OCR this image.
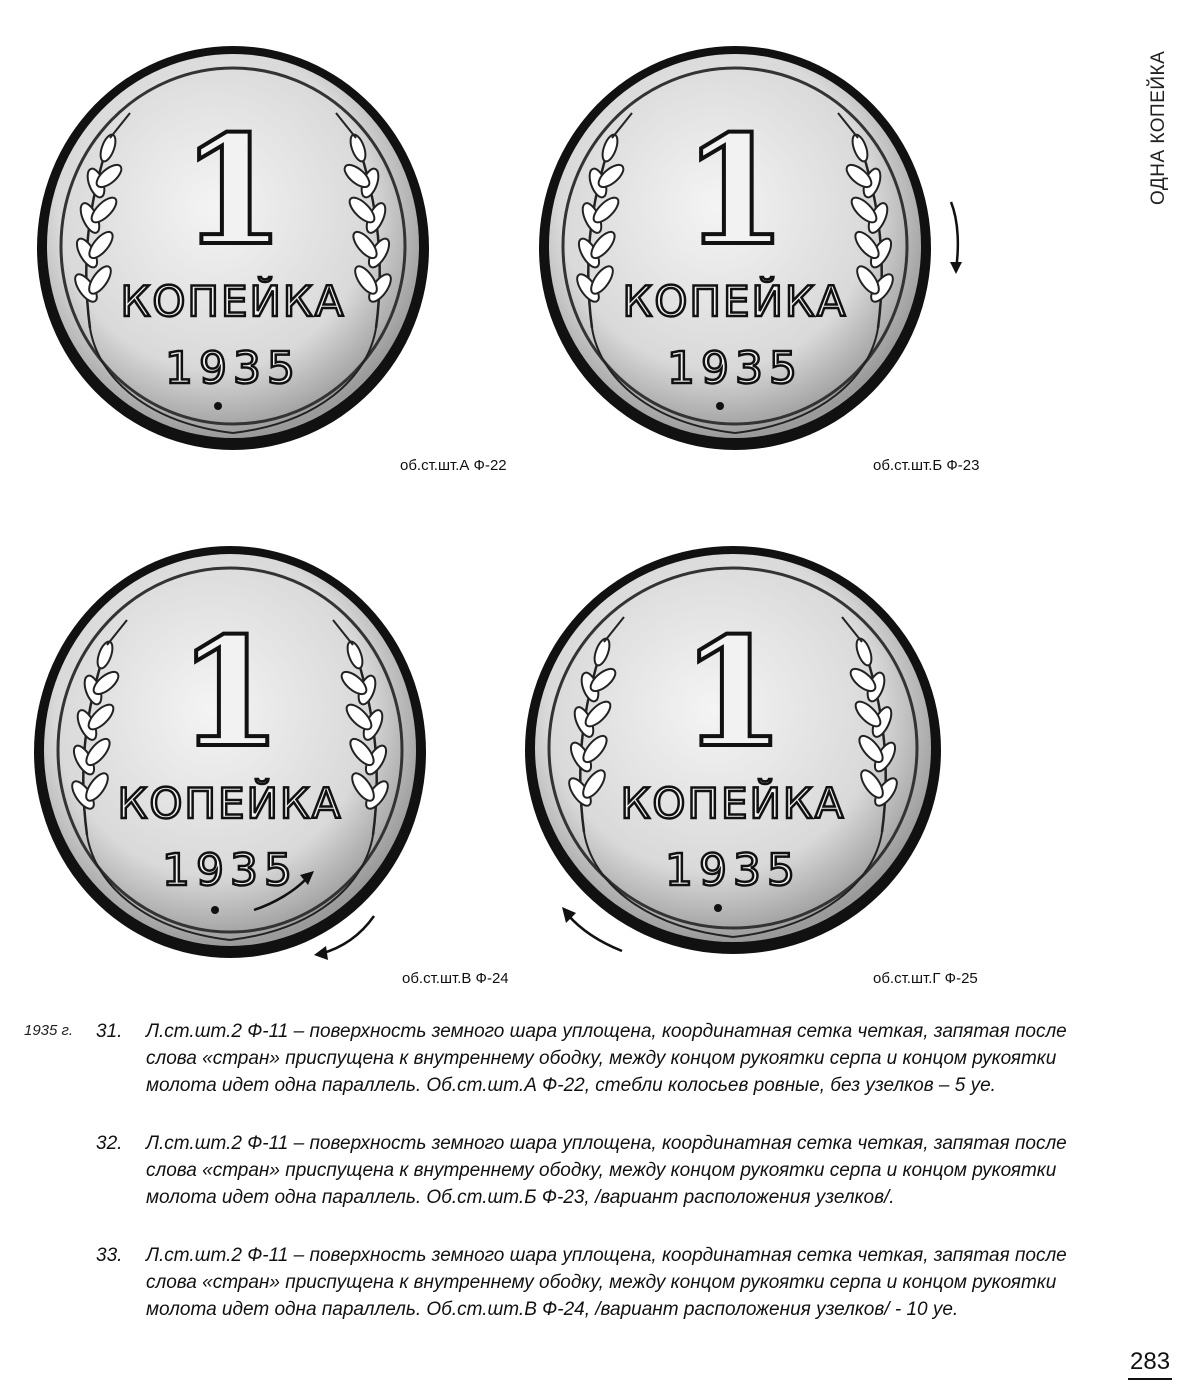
ОДНА КОПЕЙКА
1
КОПЕЙКА
1935
об.ст.шт.А Ф-22
1
КОПЕЙКА
1935
об.ст.шт.Б Ф-23
1
КОПЕЙКА
1935
об.ст.шт.В Ф-24
1
КОПЕЙКА
1935
об.ст.шт.Г Ф-25
1935 г. 31. Л.ст.шт.2 Ф-11 – поверхность земного шара уплощена, координатная сетка четкая, запятая после слова «стран» приспущена к внутреннему ободку, между концом рукоятки серпа и концом рукоятки молота идет одна параллель. Об.ст.шт.А Ф-22, стебли колосьев ровные, без узелков – 5 уе.
32. Л.ст.шт.2 Ф-11 – поверхность земного шара уплощена, координатная сетка четкая, запятая после слова «стран» приспущена к внутреннему ободку, между концом рукоятки серпа и концом рукоятки молота идет одна параллель. Об.ст.шт.Б Ф-23, /вариант расположения узелков/.
33. Л.ст.шт.2 Ф-11 – поверхность земного шара уплощена, координатная сетка четкая, запятая после слова «стран» приспущена к внутреннему ободку, между концом рукоятки серпа и концом рукоятки молота идет одна параллель. Об.ст.шт.В Ф-24, /вариант расположения узелков/ - 10 уе.
283
